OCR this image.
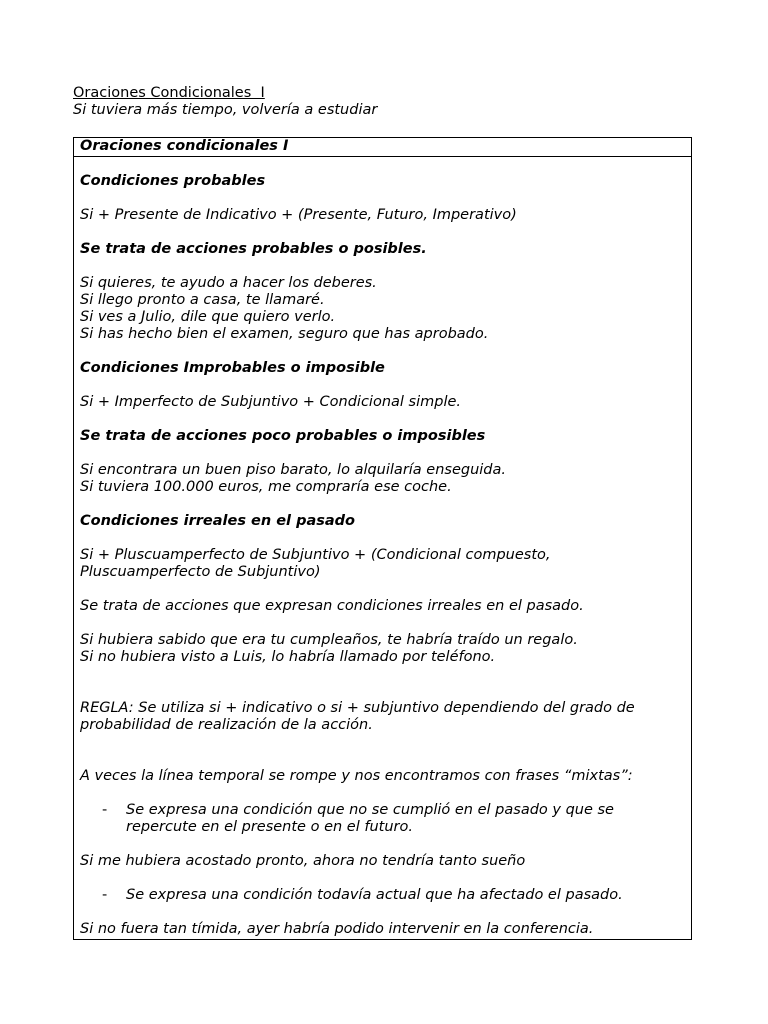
Oraciones Condicionales  I

Si tuviera más tiempo, volvería a estudiar

Oraciones condicionales I

Condiciones probables

Si + Presente de Indicativo + (Presente, Futuro, Imperativo)

Se trata de acciones probables o posibles.

Si quieres, te ayudo a hacer los deberes.

Si llego pronto a casa, te llamaré.

Si ves a Julio, dile que quiero verlo.

Si has hecho bien el examen, seguro que has aprobado.

Condiciones Improbables o imposible

Si + Imperfecto de Subjuntivo + Condicional simple.

Se trata de acciones poco probables o imposibles

Si encontrara un buen piso barato, lo alquilaría enseguida.

Si tuviera 100.000 euros, me compraría ese coche.

Condiciones irreales en el pasado

Si + Pluscuamperfecto de Subjuntivo + (Condicional compuesto,

Pluscuamperfecto de Subjuntivo)

Se trata de acciones que expresan condiciones irreales en el pasado.

Si hubiera sabido que era tu cumpleaños, te habría traído un regalo.

Si no hubiera visto a Luis, lo habría llamado por teléfono.

REGLA: Se utiliza si + indicativo o si + subjuntivo dependiendo del grado de

probabilidad de realización de la acción.

A veces la línea temporal se rompe y nos encontramos con frases “mixtas”:

- Se expresa una condición que no se cumplió en el pasado y que se

repercute en el presente o en el futuro.

Si me hubiera acostado pronto, ahora no tendría tanto sueño

- Se expresa una condición todavía actual que ha afectado el pasado.

Si no fuera tan tímida, ayer habría podido intervenir en la conferencia.
